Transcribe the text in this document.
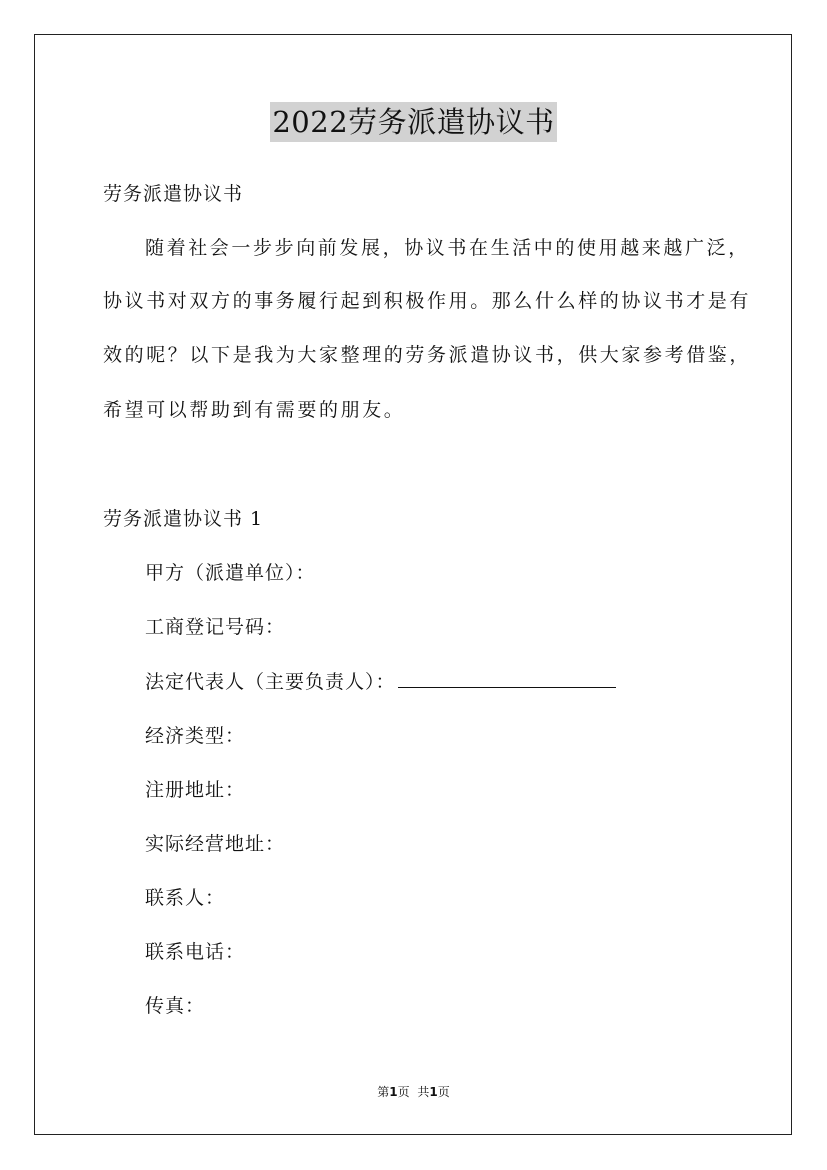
2022劳务派遣协议书
劳务派遣协议书
随着社会一步步向前发展，协议书在生活中的使用越来越广泛，
协议书对双方的事务履行起到积极作用。那么什么样的协议书才是有
效的呢？以下是我为大家整理的劳务派遣协议书，供大家参考借鉴，
希望可以帮助到有需要的朋友。
劳务派遣协议书 1
甲方（派遣单位）：
工商登记号码：
法定代表人（主要负责人）：
经济类型：
注册地址：
实际经营地址：
联系人：
联系电话：
传真：
第1页 共1页
